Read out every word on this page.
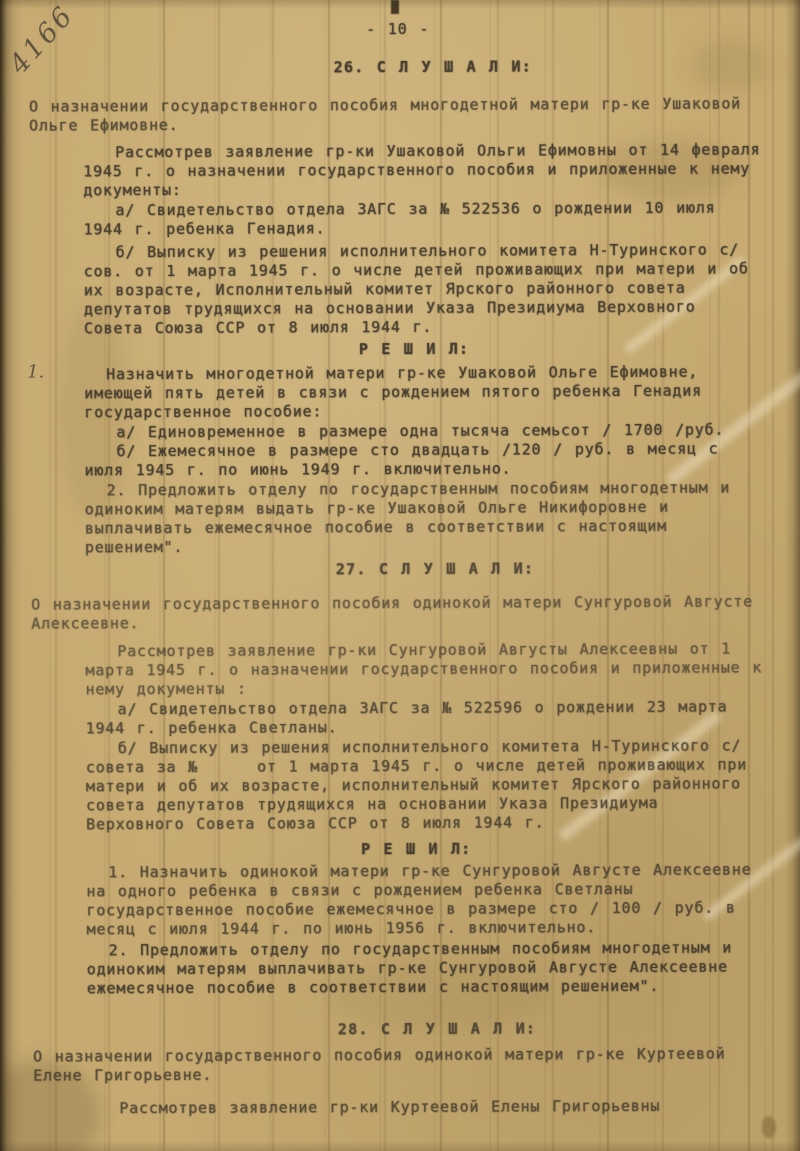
4166	- 10 -
26. С Л У Ш А Л И:
О назначении государственного пособия многодетной матери гр-ке Ушаковой Ольге Ефимовне.
Рассмотрев заявление гр-ки Ушаковой Ольги Ефимовны от 14 февраля 1945 г. о назначении государственного пособия и приложенные к нему документы:
а/ Свидетельство отдела ЗАГС за № 522536 о рождении 10 июля 1944 г. ребенка Генадия.
б/ Выписку из решения исполнительного комитета Н-Туринского с/сов. от 1 марта 1945 г. о числе детей проживающих при матери и об их возрасте, Исполнительный комитет Ярского районного совета депутатов трудящихся на основании Указа Президиума Верховного Совета Союза ССР от 8 июля 1944 г.
Р Е Ш И Л:
1.	Назначить многодетной матери гр-ке Ушаковой Ольге Ефимовне, имеющей пять детей в связи с рождением пятого ребенка Генадия государственное пособие:
а/ Единовременное в размере одна тысяча семьсот / 1700 /руб.
б/ Ежемесячное в размере сто двадцать /120 / руб. в месяц с июля 1945 г. по июнь 1949 г. включительно.
2. Предложить отделу по государственным пособиям многодетным и одиноким матерям выдать гр-ке Ушаковой Ольге Никифоровне и выплачивать ежемесячное пособие в соответствии с настоящим решением".
27. С Л У Ш А Л И:
О назначении государственного пособия одинокой матери Сунгуровой Августе Алексеевне.
Рассмотрев заявление гр-ки Сунгуровой Августы Алексеевны от 1 марта 1945 г. о назначении государственного пособия и приложенные к нему документы :
а/ Свидетельство отдела ЗАГС за № 522596 о рождении 23 марта 1944 г. ребенка Светланы.
б/ Выписку из решения исполнительного комитета Н-Туринского с/совета за №     от 1 марта 1945 г. о числе детей проживающих при матери и об их возрасте, исполнительный комитет Ярского районного совета депутатов трудящихся на основании Указа Президиума Верховного Совета Союза ССР от 8 июля 1944 г.
Р Е Ш И Л:
1. Назначить одинокой матери гр-ке Сунгуровой Августе Алексеевне на одного ребенка в связи с рождением ребенка Светланы государственное пособие ежемесячное в размере сто / 100 / руб. в месяц с июля 1944 г. по июнь 1956 г. включительно.
2. Предложить отделу по государственным пособиям многодетным и одиноким матерям выплачивать гр-ке Сунгуровой Августе Алексеевне ежемесячное пособие в соответствии с настоящим решением".
28. С Л У Ш А Л И:
О назначении государственного пособия одинокой матери гр-ке Куртеевой Елене Григорьевне.
Рассмотрев заявление гр-ки Куртеевой Елены Григорьевны
